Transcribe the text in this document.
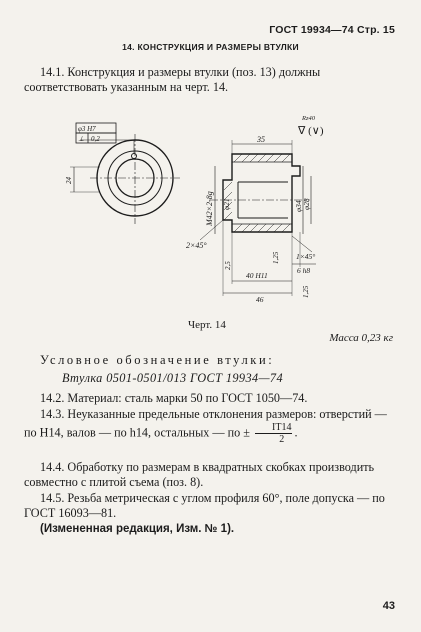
ГОСТ 19934—74 Стр. 15
14. КОНСТРУКЦИЯ И РАЗМЕРЫ ВТУЛКИ
14.1. Конструкция и размеры втулки (поз. 13) должны соответствовать указанным на черт. 14.
φ3 H7
⊥ 0,2
24
35
М42×2-8g φ21	φ34 φ28
2×45°
1×45°
2,5
1,25
6 h8
40 H11
46
1,25
Rz40
∇ (∨)
Черт. 14
Масса 0,23 кг
Условное обозначение втулки:
Втулка 0501-0501/013 ГОСТ 19934—74
14.2. Материал: сталь марки 50 по ГОСТ 1050—74.
14.3. Неуказанные предельные отклонения размеров: отверстий — по H14, валов — по h14, остальных — по ± $\frac{IT14}{2}$ .
14.4. Обработку по размерам в квадратных скобках производить совместно с плитой съема (поз. 8).
14.5. Резьба метрическая с углом профиля 60°, поле допуска — по ГОСТ 16093—81.
(Измененная редакция, Изм. № 1).
43
